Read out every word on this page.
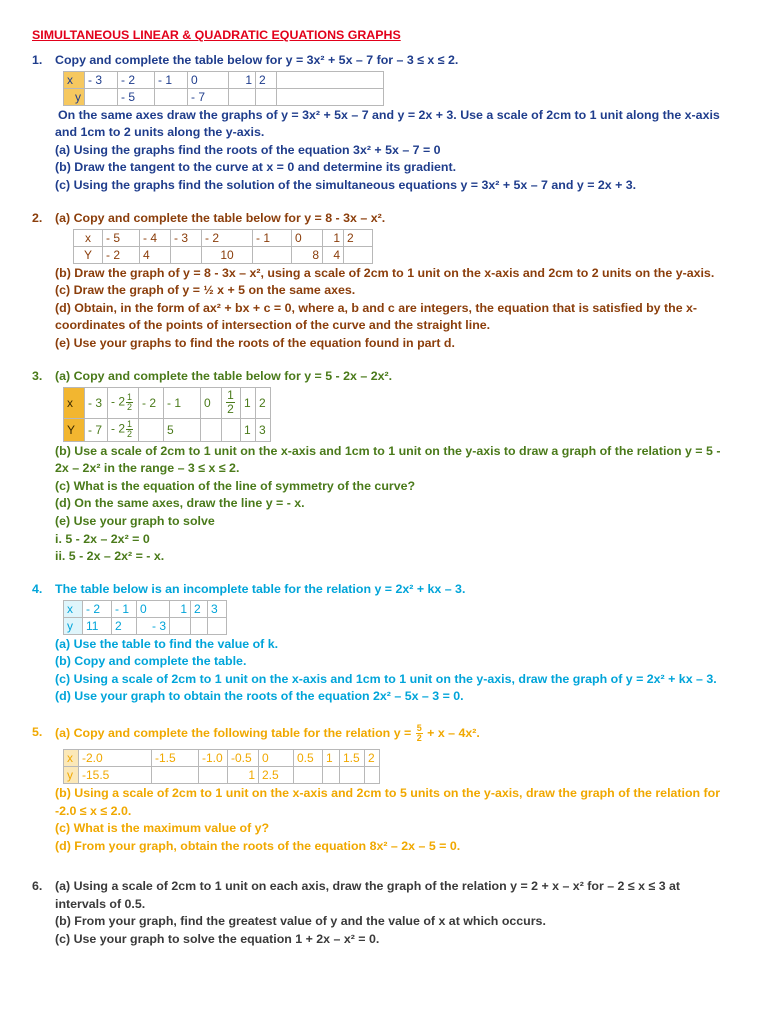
SIMULTANEOUS LINEAR & QUADRATIC EQUATIONS GRAPHS
1. Copy and complete the table below for y = 3x² + 5x – 7 for – 3 ≤ x ≤ 2.
x	- 3	- 2	- 1	0	1	2	
y		- 5		- 7			
On the same axes draw the graphs of y = 3x² + 5x – 7 and y = 2x + 3. Use a scale of 2cm to 1 unit along the x-axis and 1cm to 2 units along the y-axis.
(a) Using the graphs find the roots of the equation 3x² + 5x – 7 = 0
(b) Draw the tangent to the curve at x = 0 and determine its gradient.
(c) Using the graphs find the solution of the simultaneous equations y = 3x² + 5x – 7 and y = 2x + 3.
2. (a) Copy and complete the table below for y = 8 - 3x – x².
x	- 5	- 4	- 3	- 2	- 1	0	1	2
Y	- 2	4		10		8	4	
(b) Draw the graph of y = 8 - 3x – x², using a scale of 2cm to 1 unit on the x-axis and 2cm to 2 units on the y-axis.
(c) Draw the graph of y = ½ x + 5 on the same axes.
(d) Obtain, in the form of ax² + bx + c = 0, where a, b and c are integers, the equation that is satisfied by the x-coordinates of the points of intersection of the curve and the straight line.
(e) Use your graphs to find the roots of the equation found in part d.
3. (a) Copy and complete the table below for y = 5 - 2x – 2x².
x	- 3	- $2 \frac{1}{2}$	- 2	- 1	0	$\frac{1}{2}$	1	2
Y	- 7	- $2 \frac{1}{2}$		5			1	3
(b) Use a scale of 2cm to 1 unit on the x-axis and 1cm to 1 unit on the y-axis to draw a graph of the relation y = 5 - 2x – 2x² in the range – 3 ≤ x ≤ 2.
(c) What is the equation of the line of symmetry of the curve?
(d) On the same axes, draw the line y = - x.
(e) Use your graph to solve
i. 5 - 2x – 2x² = 0
ii. 5 - 2x – 2x² = - x.
4. The table below is an incomplete table for the relation y = 2x² + kx – 3.
x	- 2	- 1	0	1	2	3
y	11	2	- 3			
(a) Use the table to find the value of k.
(b) Copy and complete the table.
(c) Using a scale of 2cm to 1 unit on the x-axis and 1cm to 1 unit on the y-axis, draw the graph of y = 2x² + kx – 3.
(d) Use your graph to obtain the roots of the equation 2x² – 5x – 3 = 0.
5. (a) Copy and complete the following table for the relation $y = \frac{5}{2} + x - 4x^2$.
x	-2.0	-1.5	-1.0	-0.5	0	0.5	1	1.5	2
y	-15.5			1	2.5				
(b) Using a scale of 2cm to 1 unit on the x-axis and 2cm to 5 units on the y-axis, draw the graph of the relation for -2.0 ≤ x ≤ 2.0.
(c) What is the maximum value of y?
(d) From your graph, obtain the roots of the equation 8x² – 2x – 5 = 0.
6. (a) Using a scale of 2cm to 1 unit on each axis, draw the graph of the relation y = 2 + x – x² for – 2 ≤ x ≤ 3 at intervals of 0.5.
(b) From your graph, find the greatest value of y and the value of x at which occurs.
(c) Use your graph to solve the equation 1 + 2x – x² = 0.
